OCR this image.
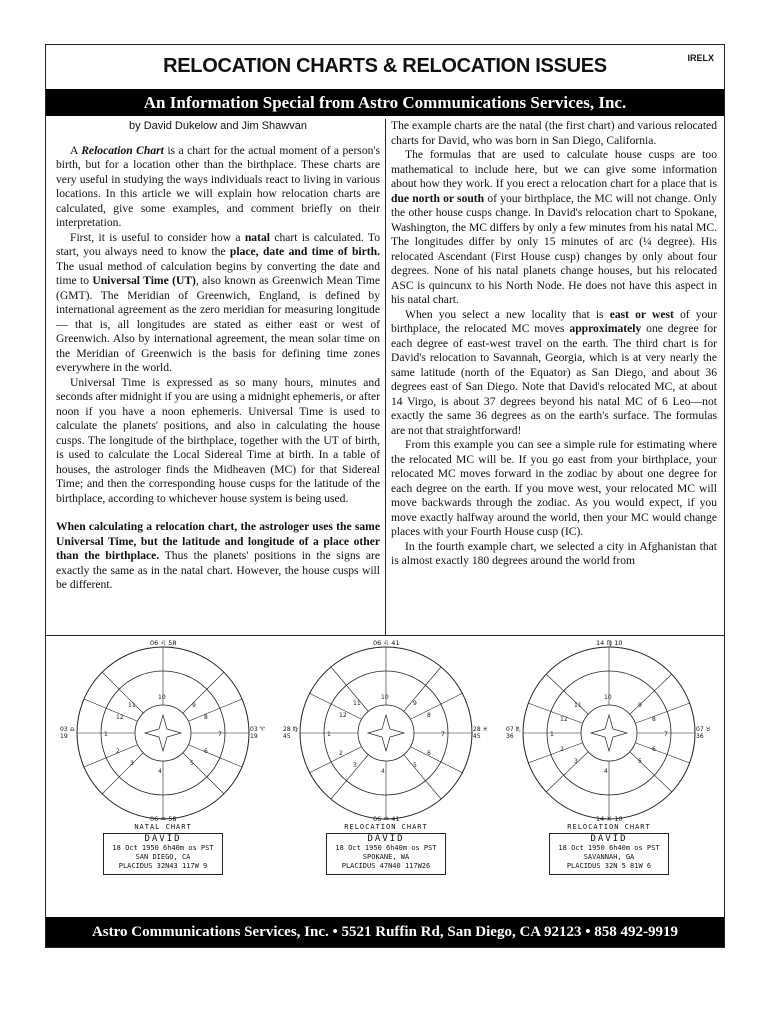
IRELX
RELOCATION CHARTS & RELOCATION ISSUES
An Information Special from Astro Communications Services, Inc.
by David Dukelow and Jim Shawvan

A Relocation Chart is a chart for the actual moment of a person's birth, but for a location other than the birthplace. These charts are very useful in studying the ways individuals react to living in various locations. In this article we will explain how relocation charts are calculated, give some examples, and comment briefly on their interpretation.

First, it is useful to consider how a natal chart is calculated. To start, you always need to know the place, date and time of birth. The usual method of calculation begins by converting the date and time to Universal Time (UT), also known as Greenwich Mean Time (GMT). The Meridian of Greenwich, England, is defined by international agreement as the zero meridian for measuring longitude — that is, all longitudes are stated as either east or west of Greenwich. Also by international agreement, the mean solar time on the Meridian of Greenwich is the basis for defining time zones everywhere in the world.

Universal Time is expressed as so many hours, minutes and seconds after midnight if you are using a midnight ephemeris, or after noon if you have a noon ephemeris. Universal Time is used to calculate the planets' positions, and also in calculating the house cusps. The longitude of the birthplace, together with the UT of birth, is used to calculate the Local Sidereal Time at birth. In a table of houses, the astrologer finds the Midheaven (MC) for that Sidereal Time; and then the corresponding house cusps for the latitude of the birthplace, according to whichever house system is being used.

When calculating a relocation chart, the astrologer uses the same Universal Time, but the latitude and longitude of a place other than the birthplace. Thus the planets' positions in the signs are exactly the same as in the natal chart. However, the house cusps will be different.

The example charts are the natal (the first chart) and various relocated charts for David, who was born in San Diego, California.

The formulas that are used to calculate house cusps are too mathematical to include here, but we can give some information about how they work. If you erect a relocation chart for a place that is due north or south of your birthplace, the MC will not change. Only the other house cusps change. In David's relocation chart to Spokane, Washington, the MC differs by only a few minutes from his natal MC. The longitudes differ by only 15 minutes of arc (¼ degree). His relocated Ascendant (First House cusp) changes by only about four degrees. None of his natal planets change houses, but his relocated ASC is quincunx to his North Node. He does not have this aspect in his natal chart.

When you select a new locality that is east or west of your birthplace, the relocated MC moves approximately one degree for each degree of east-west travel on the earth. The third chart is for David's relocation to Savannah, Georgia, which is at very nearly the same latitude (north of the Equator) as San Diego, and about 36 degrees east of San Diego. Note that David's relocated MC, at about 14 Virgo, is about 37 degrees beyond his natal MC of 6 Leo—not exactly the same 36 degrees as on the earth's surface. The formulas are not that straightforward!

From this example you can see a simple rule for estimating where the relocated MC will be. If you go east from your birthplace, your relocated MC moves forward in the zodiac by about one degree for each degree on the earth. If you move west, your relocated MC will move backwards through the zodiac. As you would expect, if you move exactly halfway around the world, then your MC would change places with your Fourth House cusp (IC).

In the fourth example chart, we selected a city in Afghanistan that is almost exactly 180 degrees around the world from

10
4
1	7
11	9
12	8
2	6
3	5
06 ♌ 58
06 ♒ 58
03 ♎ 19
03 ♈ 19
NATAL CHART
DAVID
18 Oct 1950 6h40m os PST
SAN DIEGO, CA
PLACIDUS 32N43 117W 9
10
4
1	7
11	9
12	8
2	6
3	5
06 ♌ 41
06 ♒ 41
28 ♍ 45
28 ♓ 45
RELOCATION CHART
DAVID
18 Oct 1950 6h40m os PST
SPOKANE, WA
PLACIDUS 47N40 117W26
10
4
1	7
11	9
12	8
2	6
3	5
14 ♍ 10
14 ♓ 10
07 ♏ 36
07 ♉ 36
RELOCATION CHART
DAVID
18 Oct 1950 6h40m os PST
SAVANNAH, GA
PLACIDUS 32N 5 81W 6
Astro Communications Services, Inc. • 5521 Ruffin Rd, San Diego, CA 92123 • 858 492-9919
